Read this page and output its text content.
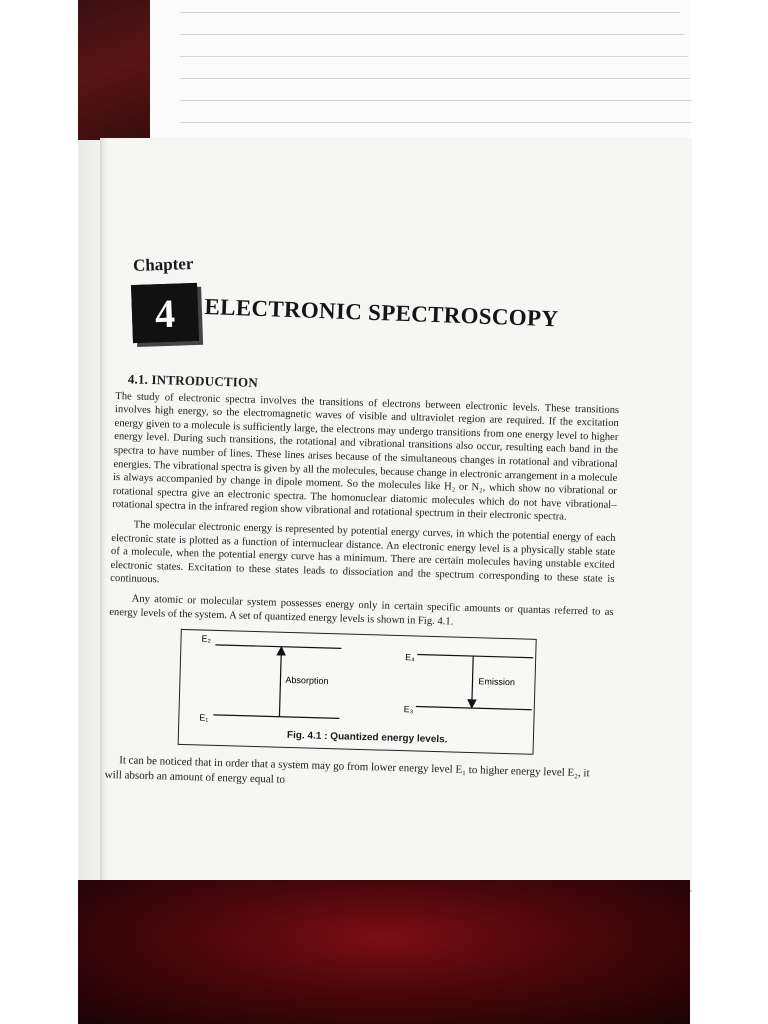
Chapter
4 ELECTRONIC SPECTROSCOPY
4.1. INTRODUCTION

The study of electronic spectra involves the transitions of electrons between electronic levels. These transitions involves high energy, so the electromagnetic waves of visible and ultraviolet region are required. If the excitation energy given to a molecule is sufficiently large, the electrons may undergo transitions from one energy level to higher energy level. During such transitions, the rotational and vibrational transitions also occur, resulting each band in the spectra to have number of lines. These lines arises because of the simultaneous changes in rotational and vibrational energies. The vibrational spectra is given by all the molecules, because change in electronic arrangement in a molecule is always accompanied by change in dipole moment. So the molecules like H₂ or N₂, which show no vibrational or rotational spectra give an electronic spectra. The homonuclear diatomic molecules which do not have vibrational–rotational spectra in the infrared region show vibrational and rotational spectrum in their electronic spectra.

The molecular electronic energy is represented by potential energy curves, in which the potential energy of each electronic state is plotted as a function of internuclear distance. An electronic energy level is a physically stable state of a molecule, when the potential energy curve has a minimum. There are certain molecules having unstable excited electronic states. Excitation to these states leads to dissociation and the spectrum corresponding to these state is continuous.

Any atomic or molecular system possesses energy only in certain specific amounts or quantas referred to as energy levels of the system. A set of quantized energy levels is shown in Fig. 4.1.

E₂
E₁
Absorption
E₄
E₃
Emission
Fig. 4.1 : Quantized energy levels.

It can be noticed that in order that a system may go from lower energy level E₁ to higher energy level E₂, it will absorb an amount of energy equal to
